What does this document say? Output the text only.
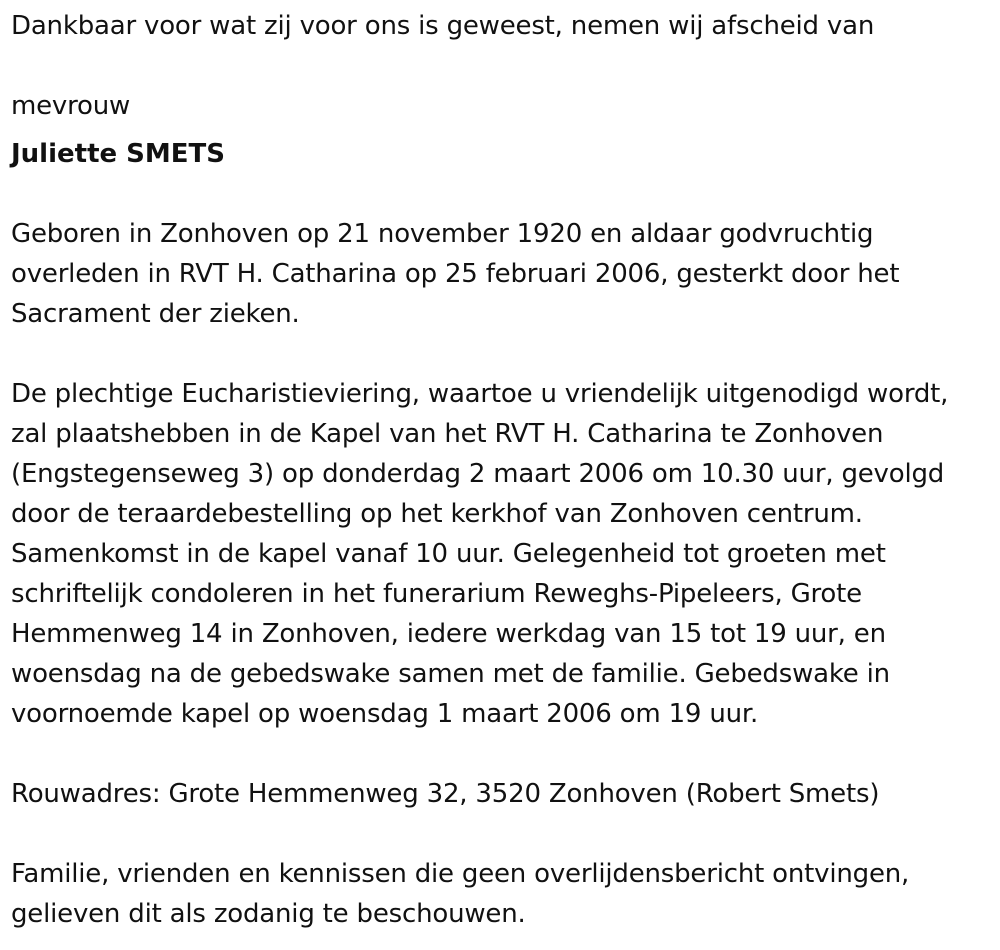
Dankbaar voor wat zij voor ons is geweest, nemen wij afscheid van
mevrouw
Juliette SMETS
Geboren in Zonhoven op 21 november 1920 en aldaar godvruchtig
overleden in RVT H. Catharina op 25 februari 2006, gesterkt door het
Sacrament der zieken.
De plechtige Eucharistieviering, waartoe u vriendelijk uitgenodigd wordt,
zal plaatshebben in de Kapel van het RVT H. Catharina te Zonhoven
(Engstegenseweg 3) op donderdag 2 maart 2006 om 10.30 uur, gevolgd
door de teraardebestelling op het kerkhof van Zonhoven centrum.
Samenkomst in de kapel vanaf 10 uur. Gelegenheid tot groeten met
schriftelijk condoleren in het funerarium Reweghs-Pipeleers, Grote
Hemmenweg 14 in Zonhoven, iedere werkdag van 15 tot 19 uur, en
woensdag na de gebedswake samen met de familie. Gebedswake in
voornoemde kapel op woensdag 1 maart 2006 om 19 uur.
Rouwadres: Grote Hemmenweg 32, 3520 Zonhoven (Robert Smets)
Familie, vrienden en kennissen die geen overlijdensbericht ontvingen,
gelieven dit als zodanig te beschouwen.
